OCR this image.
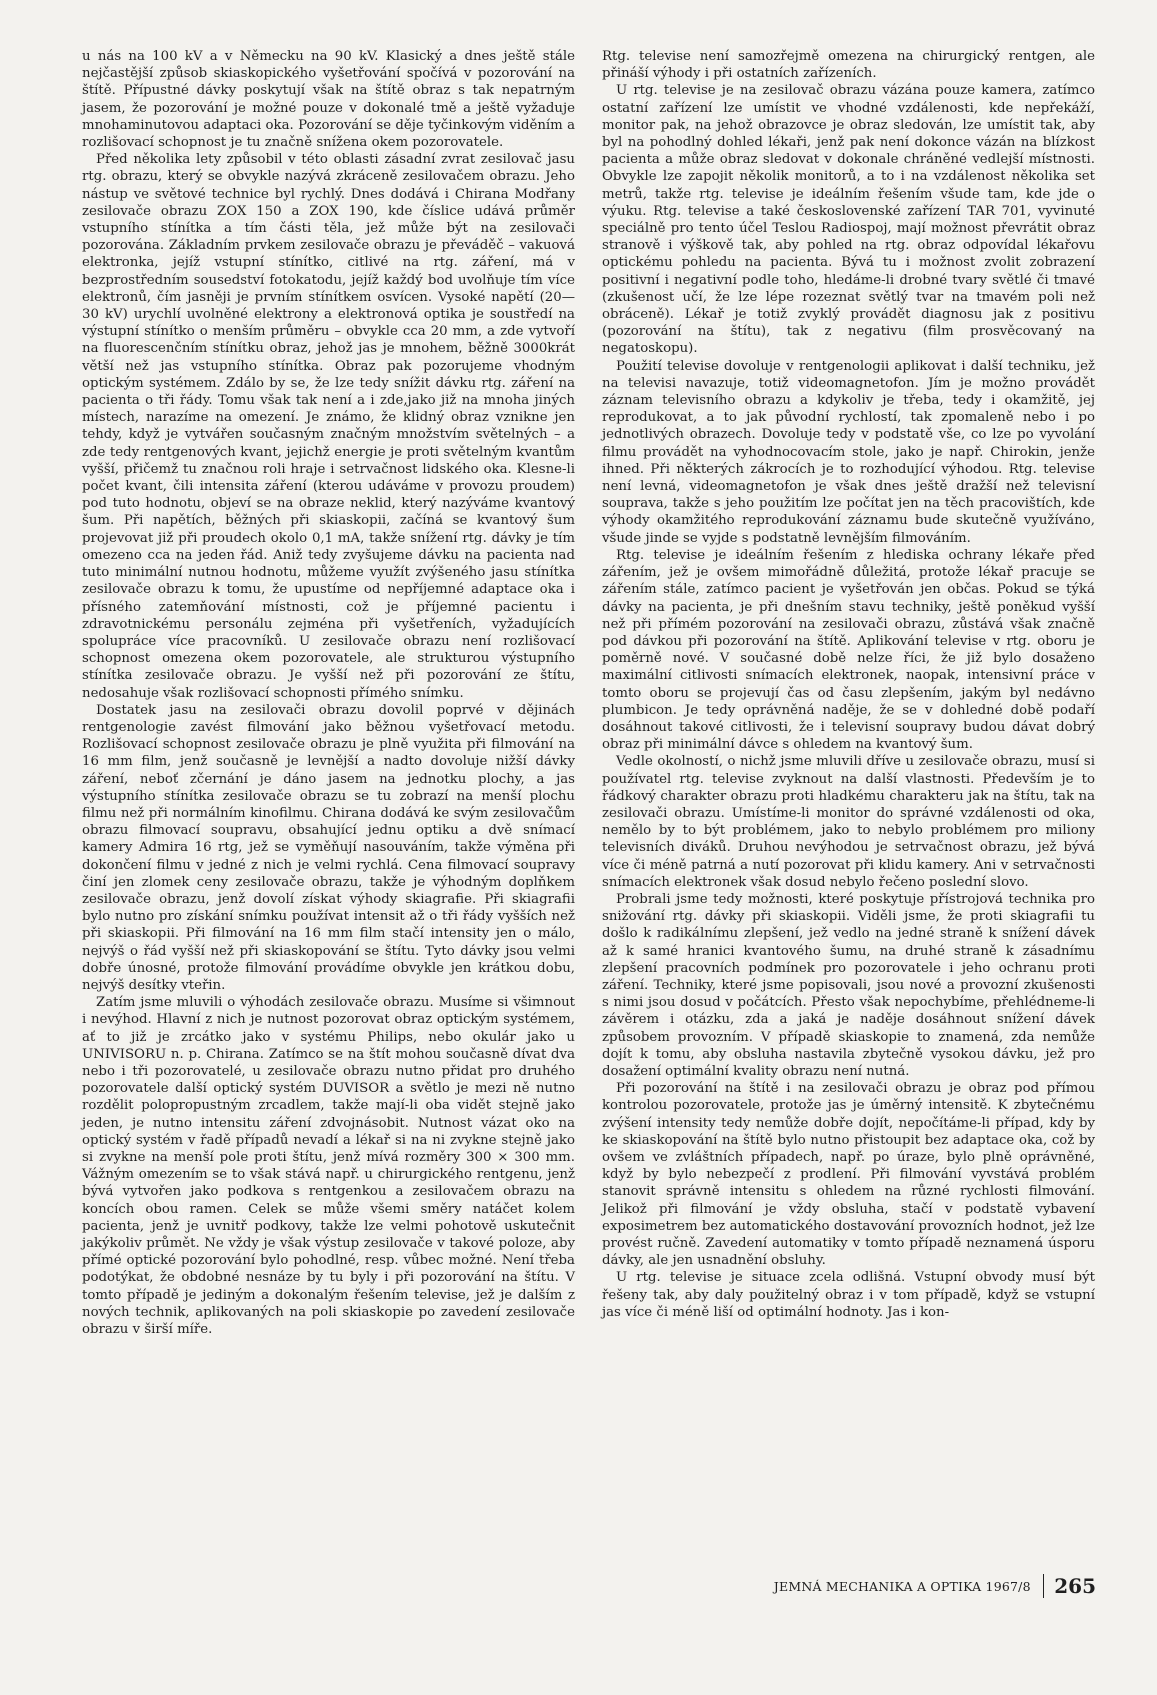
u nás na 100 kV a v Německu na 90 kV. Klasický a dnes ještě stále nejčastější způsob skiaskopického vyšetřování spočívá v pozorování na štítě. Přípustné dávky poskytují však na štítě obraz s tak nepatrným jasem, že pozorování je možné pouze v dokonalé tmě a ještě vyžaduje mnohaminutovou adaptaci oka. Pozorování se děje tyčinkovým viděním a rozlišovací schopnost je tu značně snížena okem pozorovatele.

Před několika lety způsobil v této oblasti zásadní zvrat zesilovač jasu rtg. obrazu, který se obvykle nazývá zkráceně zesilovačem obrazu. Jeho nástup ve světové technice byl rychlý. Dnes dodává i Chirana Modřany zesilovače obrazu ZOX 150 a ZOX 190, kde číslice udává průměr vstupního stínítka a tím části těla, jež může být na zesilovači pozorována. Základním prvkem zesilovače obrazu je převáděč – vakuová elektronka, jejíž vstupní stínítko, citlivé na rtg. záření, má v bezprostředním sousedství fotokatodu, jejíž každý bod uvolňuje tím více elektronů, čím jasněji je prvním stínítkem osvícen. Vysoké napětí (20—30 kV) urychlí uvolněné elektrony a elektronová optika je soustředí na výstupní stínítko o menším průměru – obvykle cca 20 mm, a zde vytvoří na fluorescenčním stínítku obraz, jehož jas je mnohem, běžně 3000krát větší než jas vstupního stínítka. Obraz pak pozorujeme vhodným optickým systémem. Zdálo by se, že lze tedy snížit dávku rtg. záření na pacienta o tři řády. Tomu však tak není a i zde,jako již na mnoha jiných místech, narazíme na omezení. Je známo, že klidný obraz vznikne jen tehdy, když je vytvářen současným značným množstvím světelných – a zde tedy rentgenových kvant, jejichž energie je proti světelným kvantům vyšší, přičemž tu značnou roli hraje i setrvačnost lidského oka. Klesne-li počet kvant, čili intensita záření (kterou udáváme v provozu proudem) pod tuto hodnotu, objeví se na obraze neklid, který nazýváme kvantový šum. Při napětích, běžných při skiaskopii, začíná se kvantový šum projevovat již při proudech okolo 0,1 mA, takže snížení rtg. dávky je tím omezeno cca na jeden řád. Aniž tedy zvyšujeme dávku na pacienta nad tuto minimální nutnou hodnotu, můžeme využít zvýšeného jasu stínítka zesilovače obrazu k tomu, že upustíme od nepříjemné adaptace oka i přísného zatemňování místnosti, což je příjemné pacientu i zdravotnickému personálu zejména při vyšetřeních, vyžadujících spolupráce více pracovníků. U zesilovače obrazu není rozlišovací schopnost omezena okem pozorovatele, ale strukturou výstupního stínítka zesilovače obrazu. Je vyšší než při pozorování ze štítu, nedosahuje však rozlišovací schopnosti přímého snímku.

Dostatek jasu na zesilovači obrazu dovolil poprvé v dějinách rentgenologie zavést filmování jako běžnou vyšetřovací metodu. Rozlišovací schopnost zesilovače obrazu je plně využita při filmování na 16 mm film, jenž současně je levnější a nadto dovoluje nižší dávky záření, neboť zčernání je dáno jasem na jednotku plochy, a jas výstupního stínítka zesilovače obrazu se tu zobrazí na menší plochu filmu než při normálním kinofilmu. Chirana dodává ke svým zesilovačům obrazu filmovací soupravu, obsahující jednu optiku a dvě snímací kamery Admira 16 rtg, jež se vyměňují nasouváním, takže výměna při dokončení filmu v jedné z nich je velmi rychlá. Cena filmovací soupravy činí jen zlomek ceny zesilovače obrazu, takže je výhodným doplňkem zesilovače obrazu, jenž dovolí získat výhody skiagrafie. Při skiagrafii bylo nutno pro získání snímku používat intensit až o tři řády vyšších než při skiaskopii. Při filmování na 16 mm film stačí intensity jen o málo, nejvýš o řád vyšší než při skiaskopování se štítu. Tyto dávky jsou velmi dobře únosné, protože filmování provádíme obvykle jen krátkou dobu, nejvýš desítky vteřin.

Zatím jsme mluvili o výhodách zesilovače obrazu. Musíme si všimnout i nevýhod. Hlavní z nich je nutnost pozorovat obraz optickým systémem, ať to již je zrcátko jako v systému Philips, nebo okulár jako u UNIVISORU n. p. Chirana. Zatímco se na štít mohou současně dívat dva nebo i tři pozorovatelé, u zesilovače obrazu nutno přidat pro druhého pozorovatele další optický systém DUVISOR a světlo je mezi ně nutno rozdělit polopropustným zrcadlem, takže mají-li oba vidět stejně jako jeden, je nutno intensitu záření zdvojnásobit. Nutnost vázat oko na optický systém v řadě případů nevadí a lékař si na ni zvykne stejně jako si zvykne na menší pole proti štítu, jenž mívá rozměry 300 × 300 mm. Vážným omezením se to však stává např. u chirurgického rentgenu, jenž bývá vytvořen jako podkova s rentgenkou a zesilovačem obrazu na koncích obou ramen. Celek se může všemi směry natáčet kolem pacienta, jenž je uvnitř podkovy, takže lze velmi pohotově uskutečnit jakýkoliv průmět. Ne vždy je však výstup zesilovače v takové poloze, aby přímé optické pozorování bylo pohodlné, resp. vůbec možné. Není třeba podotýkat, že obdobné nesnáze by tu byly i při pozorování na štítu. V tomto případě je jediným a dokonalým řešením televise, jež je dalším z nových technik, aplikovaných na poli skiaskopie po zavedení zesilovače obrazu v širší míře.

Rtg. televise není samozřejmě omezena na chirurgický rentgen, ale přináší výhody i při ostatních zařízeních.

U rtg. televise je na zesilovač obrazu vázána pouze kamera, zatímco ostatní zařízení lze umístit ve vhodné vzdálenosti, kde nepřekáží, monitor pak, na jehož obrazovce je obraz sledován, lze umístit tak, aby byl na pohodlný dohled lékaři, jenž pak není dokonce vázán na blízkost pacienta a může obraz sledovat v dokonale chráněné vedlejší místnosti. Obvykle lze zapojit několik monitorů, a to i na vzdálenost několika set metrů, takže rtg. televise je ideálním řešením všude tam, kde jde o výuku. Rtg. televise a také československé zařízení TAR 701, vyvinuté speciálně pro tento účel Teslou Radiospoj, mají možnost převrátit obraz stranově i výškově tak, aby pohled na rtg. obraz odpovídal lékařovu optickému pohledu na pacienta. Bývá tu i možnost zvolit zobrazení positivní i negativní podle toho, hledáme-li drobné tvary světlé či tmavé (zkušenost učí, že lze lépe rozeznat světlý tvar na tmavém poli než obráceně). Lékař je totiž zvyklý provádět diagnosu jak z positivu (pozorování na štítu), tak z negativu (film prosvěcovaný na negatoskopu).

Použití televise dovoluje v rentgenologii aplikovat i další techniku, jež na televisi navazuje, totiž videomagnetofon. Jím je možno provádět záznam televisního obrazu a kdykoliv je třeba, tedy i okamžitě, jej reprodukovat, a to jak původní rychlostí, tak zpomaleně nebo i po jednotlivých obrazech. Dovoluje tedy v podstatě vše, co lze po vyvolání filmu provádět na vyhodnocovacím stole, jako je např. Chirokin, jenže ihned. Při některých zákrocích je to rozhodující výhodou. Rtg. televise není levná, videomagnetofon je však dnes ještě dražší než televisní souprava, takže s jeho použitím lze počítat jen na těch pracovištích, kde výhody okamžitého reprodukování záznamu bude skutečně využíváno, všude jinde se vyjde s podstatně levnějším filmováním.

Rtg. televise je ideálním řešením z hlediska ochrany lékaře před zářením, jež je ovšem mimořádně důležitá, protože lékař pracuje se zářením stále, zatímco pacient je vyšetřován jen občas. Pokud se týká dávky na pacienta, je při dnešním stavu techniky, ještě poněkud vyšší než při přímém pozorování na zesilovači obrazu, zůstává však značně pod dávkou při pozorování na štítě. Aplikování televise v rtg. oboru je poměrně nové. V současné době nelze říci, že již bylo dosaženo maximální citlivosti snímacích elektronek, naopak, intensivní práce v tomto oboru se projevují čas od času zlepšením, jakým byl nedávno plumbicon. Je tedy oprávněná naděje, že se v dohledné době podaří dosáhnout takové citlivosti, že i televisní soupravy budou dávat dobrý obraz při minimální dávce s ohledem na kvantový šum.

Vedle okolností, o nichž jsme mluvili dříve u zesilovače obrazu, musí si používatel rtg. televise zvyknout na další vlastnosti. Především je to řádkový charakter obrazu proti hladkému charakteru jak na štítu, tak na zesilovači obrazu. Umístíme-li monitor do správné vzdálenosti od oka, nemělo by to být problémem, jako to nebylo problémem pro miliony televisních diváků. Druhou nevýhodou je setrvačnost obrazu, jež bývá více či méně patrná a nutí pozorovat při klidu kamery. Ani v setrvačnosti snímacích elektronek však dosud nebylo řečeno poslední slovo.

Probrali jsme tedy možnosti, které poskytuje přístrojová technika pro snižování rtg. dávky při skiaskopii. Viděli jsme, že proti skiagrafii tu došlo k radikálnímu zlepšení, jež vedlo na jedné straně k snížení dávek až k samé hranici kvantového šumu, na druhé straně k zásadnímu zlepšení pracovních podmínek pro pozorovatele i jeho ochranu proti záření. Techniky, které jsme popisovali, jsou nové a provozní zkušenosti s nimi jsou dosud v počátcích. Přesto však nepochybíme, přehlédneme-li závěrem i otázku, zda a jaká je naděje dosáhnout snížení dávek způsobem provozním. V případě skiaskopie to znamená, zda nemůže dojít k tomu, aby obsluha nastavila zbytečně vysokou dávku, jež pro dosažení optimální kvality obrazu není nutná.

Při pozorování na štítě i na zesilovači obrazu je obraz pod přímou kontrolou pozorovatele, protože jas je úměrný intensitě. K zbytečnému zvýšení intensity tedy nemůže dobře dojít, nepočítáme-li případ, kdy by ke skiaskopování na štítě bylo nutno přistoupit bez adaptace oka, což by ovšem ve zvláštních případech, např. po úraze, bylo plně oprávněné, když by bylo nebezpečí z prodlení. Při filmování vyvstává problém stanovit správně intensitu s ohledem na různé rychlosti filmování. Jelikož při filmování je vždy obsluha, stačí v podstatě vybavení exposimetrem bez automatického dostavování provozních hodnot, jež lze provést ručně. Zavedení automatiky v tomto případě neznamená úsporu dávky, ale jen usnadnění obsluhy.

U rtg. televise je situace zcela odlišná. Vstupní obvody musí být řešeny tak, aby daly použitelný obraz i v tom případě, když se vstupní jas více či méně liší od optimální hodnoty. Jas i kon-

JEMNÁ MECHANIKA A OPTIKA 1967/8 265
